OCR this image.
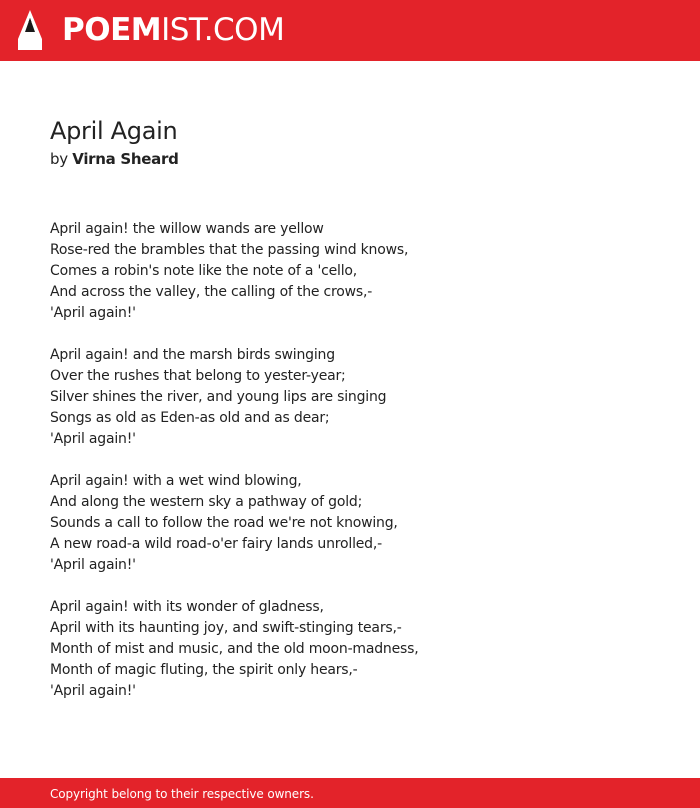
POEMIST.COM
April Again
by Virna Sheard
April again! the willow wands are yellow
Rose-red the brambles that the passing wind knows,
Comes a robin's note like the note of a 'cello,
And across the valley, the calling of the crows,-
'April again!'
April again! and the marsh birds swinging
Over the rushes that belong to yester-year;
Silver shines the river, and young lips are singing
Songs as old as Eden-as old and as dear;
'April again!'
April again! with a wet wind blowing,
And along the western sky a pathway of gold;
Sounds a call to follow the road we're not knowing,
A new road-a wild road-o'er fairy lands unrolled,-
'April again!'
April again! with its wonder of gladness,
April with its haunting joy, and swift-stinging tears,-
Month of mist and music, and the old moon-madness,
Month of magic fluting, the spirit only hears,-
'April again!'
Copyright belong to their respective owners.
